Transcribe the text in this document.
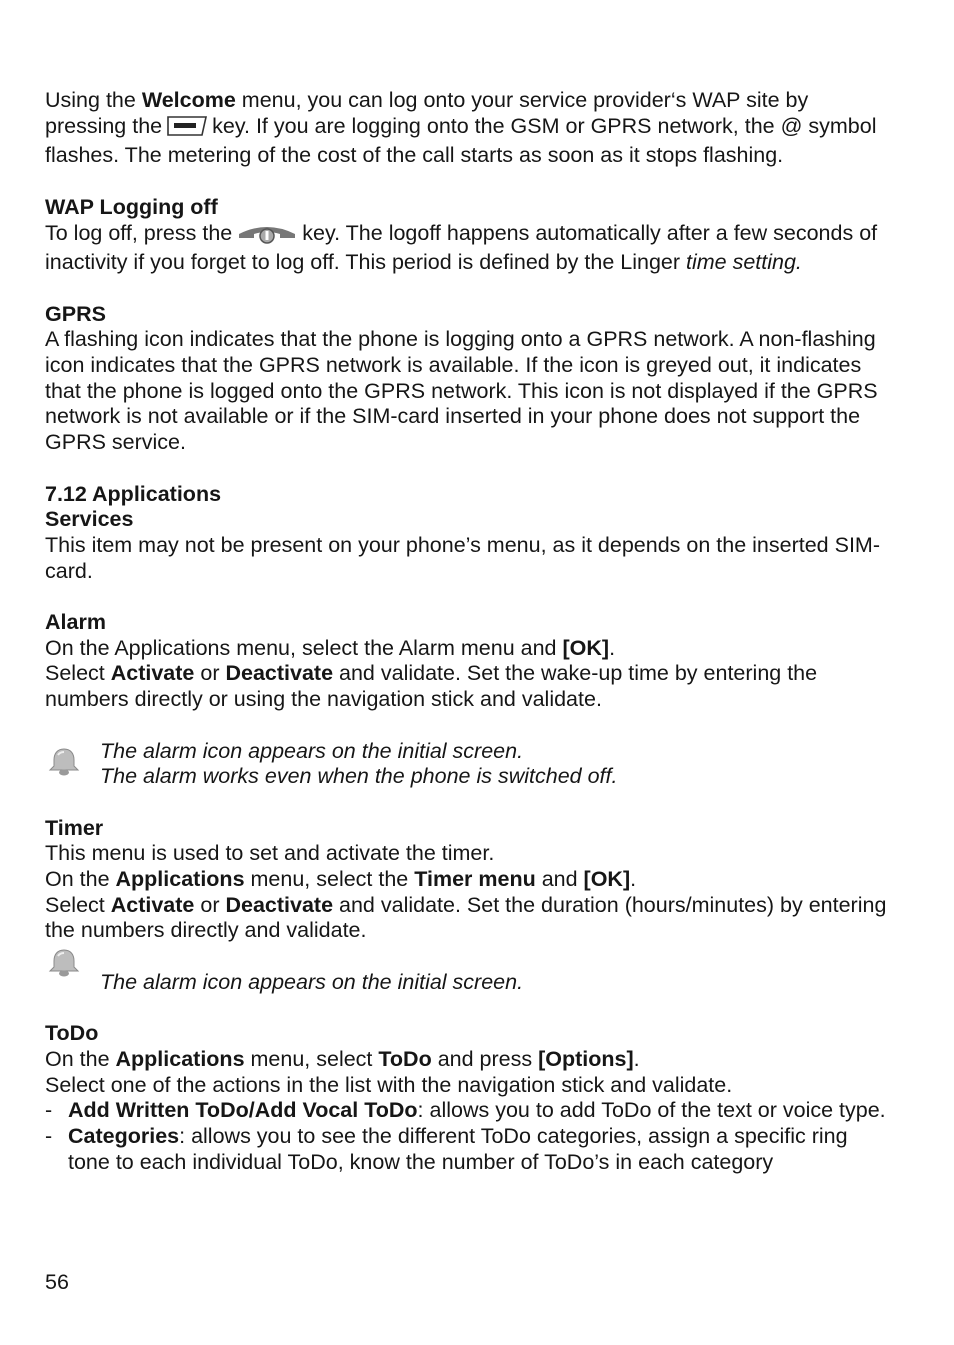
Using the Welcome menu, you can log onto your service provider‘s WAP site by pressing the key. If you are logging onto the GSM or GPRS network, the @ symbol flashes. The metering of the cost of the call starts as soon as it stops flashing.

WAP Logging off

To log off, press the	key. The logoff happens automatically after a few seconds of inactivity if you forget to log off. This period is defined by the Linger time setting.

GPRS

A flashing icon indicates that the phone is logging onto a GPRS network. A non-flashing icon indicates that the GPRS network is available. If the icon is greyed out, it indicates that the phone is logged onto the GPRS network. This icon is not displayed if the GPRS network is not available or if the SIM-card inserted in your phone does not support the GPRS service.

7.12 Applications
Services

This item may not be present on your phone’s menu, as it depends on the inserted SIM-card.

Alarm

On the Applications menu, select the Alarm menu and [OK].

Select Activate or Deactivate and validate. Set the wake-up time by entering the numbers directly or using the navigation stick and validate.

The alarm icon appears on the initial screen.

The alarm works even when the phone is switched off.

Timer

This menu is used to set and activate the timer.

On the Applications menu, select the Timer menu and [OK].

Select Activate or Deactivate and validate. Set the duration (hours/minutes) by entering the numbers directly and validate.

The alarm icon appears on the initial screen.

ToDo

On the Applications menu, select ToDo and press [Options].

Select one of the actions in the list with the navigation stick and validate.

- Add Written ToDo/Add Vocal ToDo: allows you to add ToDo of the text or voice type.

- Categories: allows you to see the different ToDo categories, assign a specific ring tone to each individual ToDo, know the number of ToDo’s in each category

56
